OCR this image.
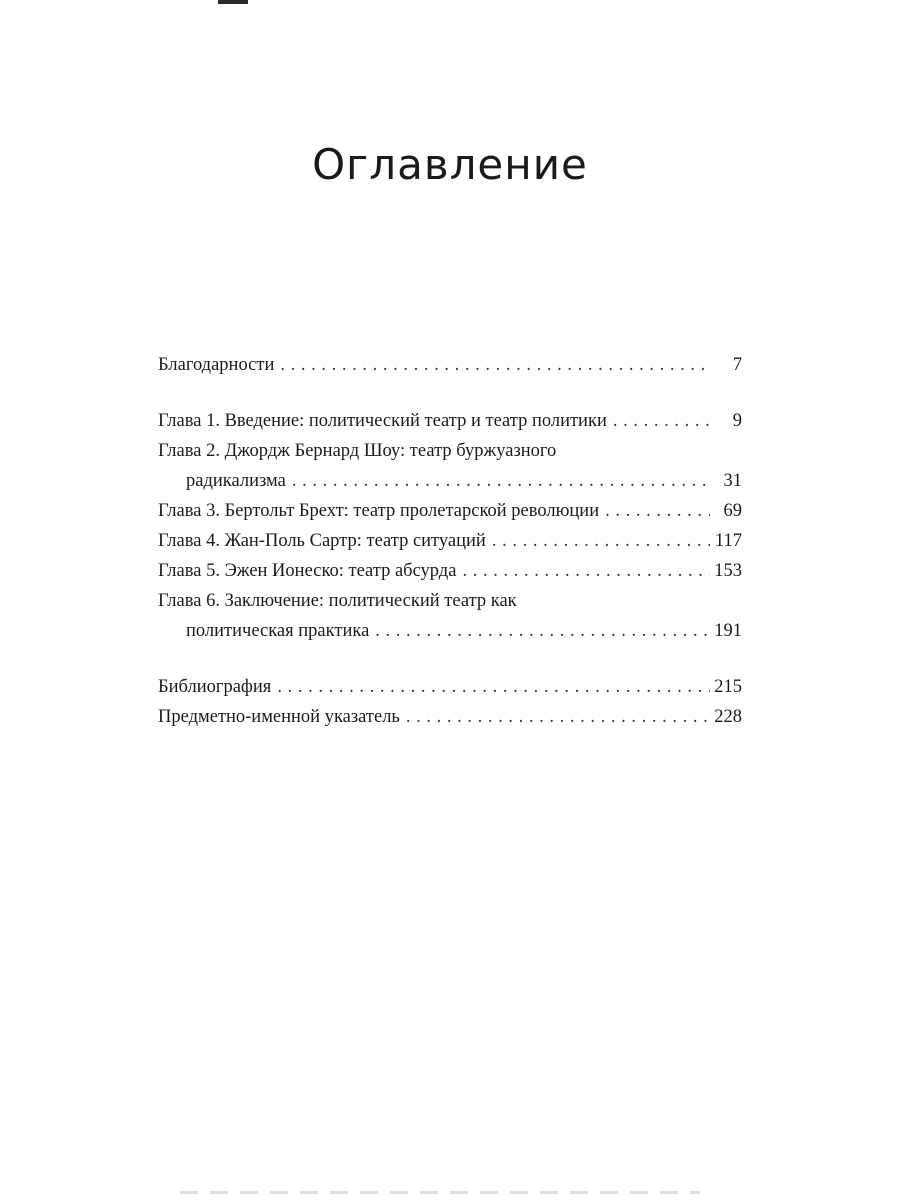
Оглавление
Благодарности . . .	7
Глава 1. Введение: политический театр и театр политики . . .	9
Глава 2. Джордж Бернард Шоу: театр буржуазного
радикализма . . .	31
Глава 3. Бертольт Брехт: театр пролетарской революции . . .	69
Глава 4. Жан-Поль Сартр: театр ситуаций . . .	117
Глава 5. Эжен Ионеско: театр абсурда . . .	153
Глава 6. Заключение: политический театр как
политическая практика . . .	191
Библиография . . .	215
Предметно-именной указатель . . .	228
